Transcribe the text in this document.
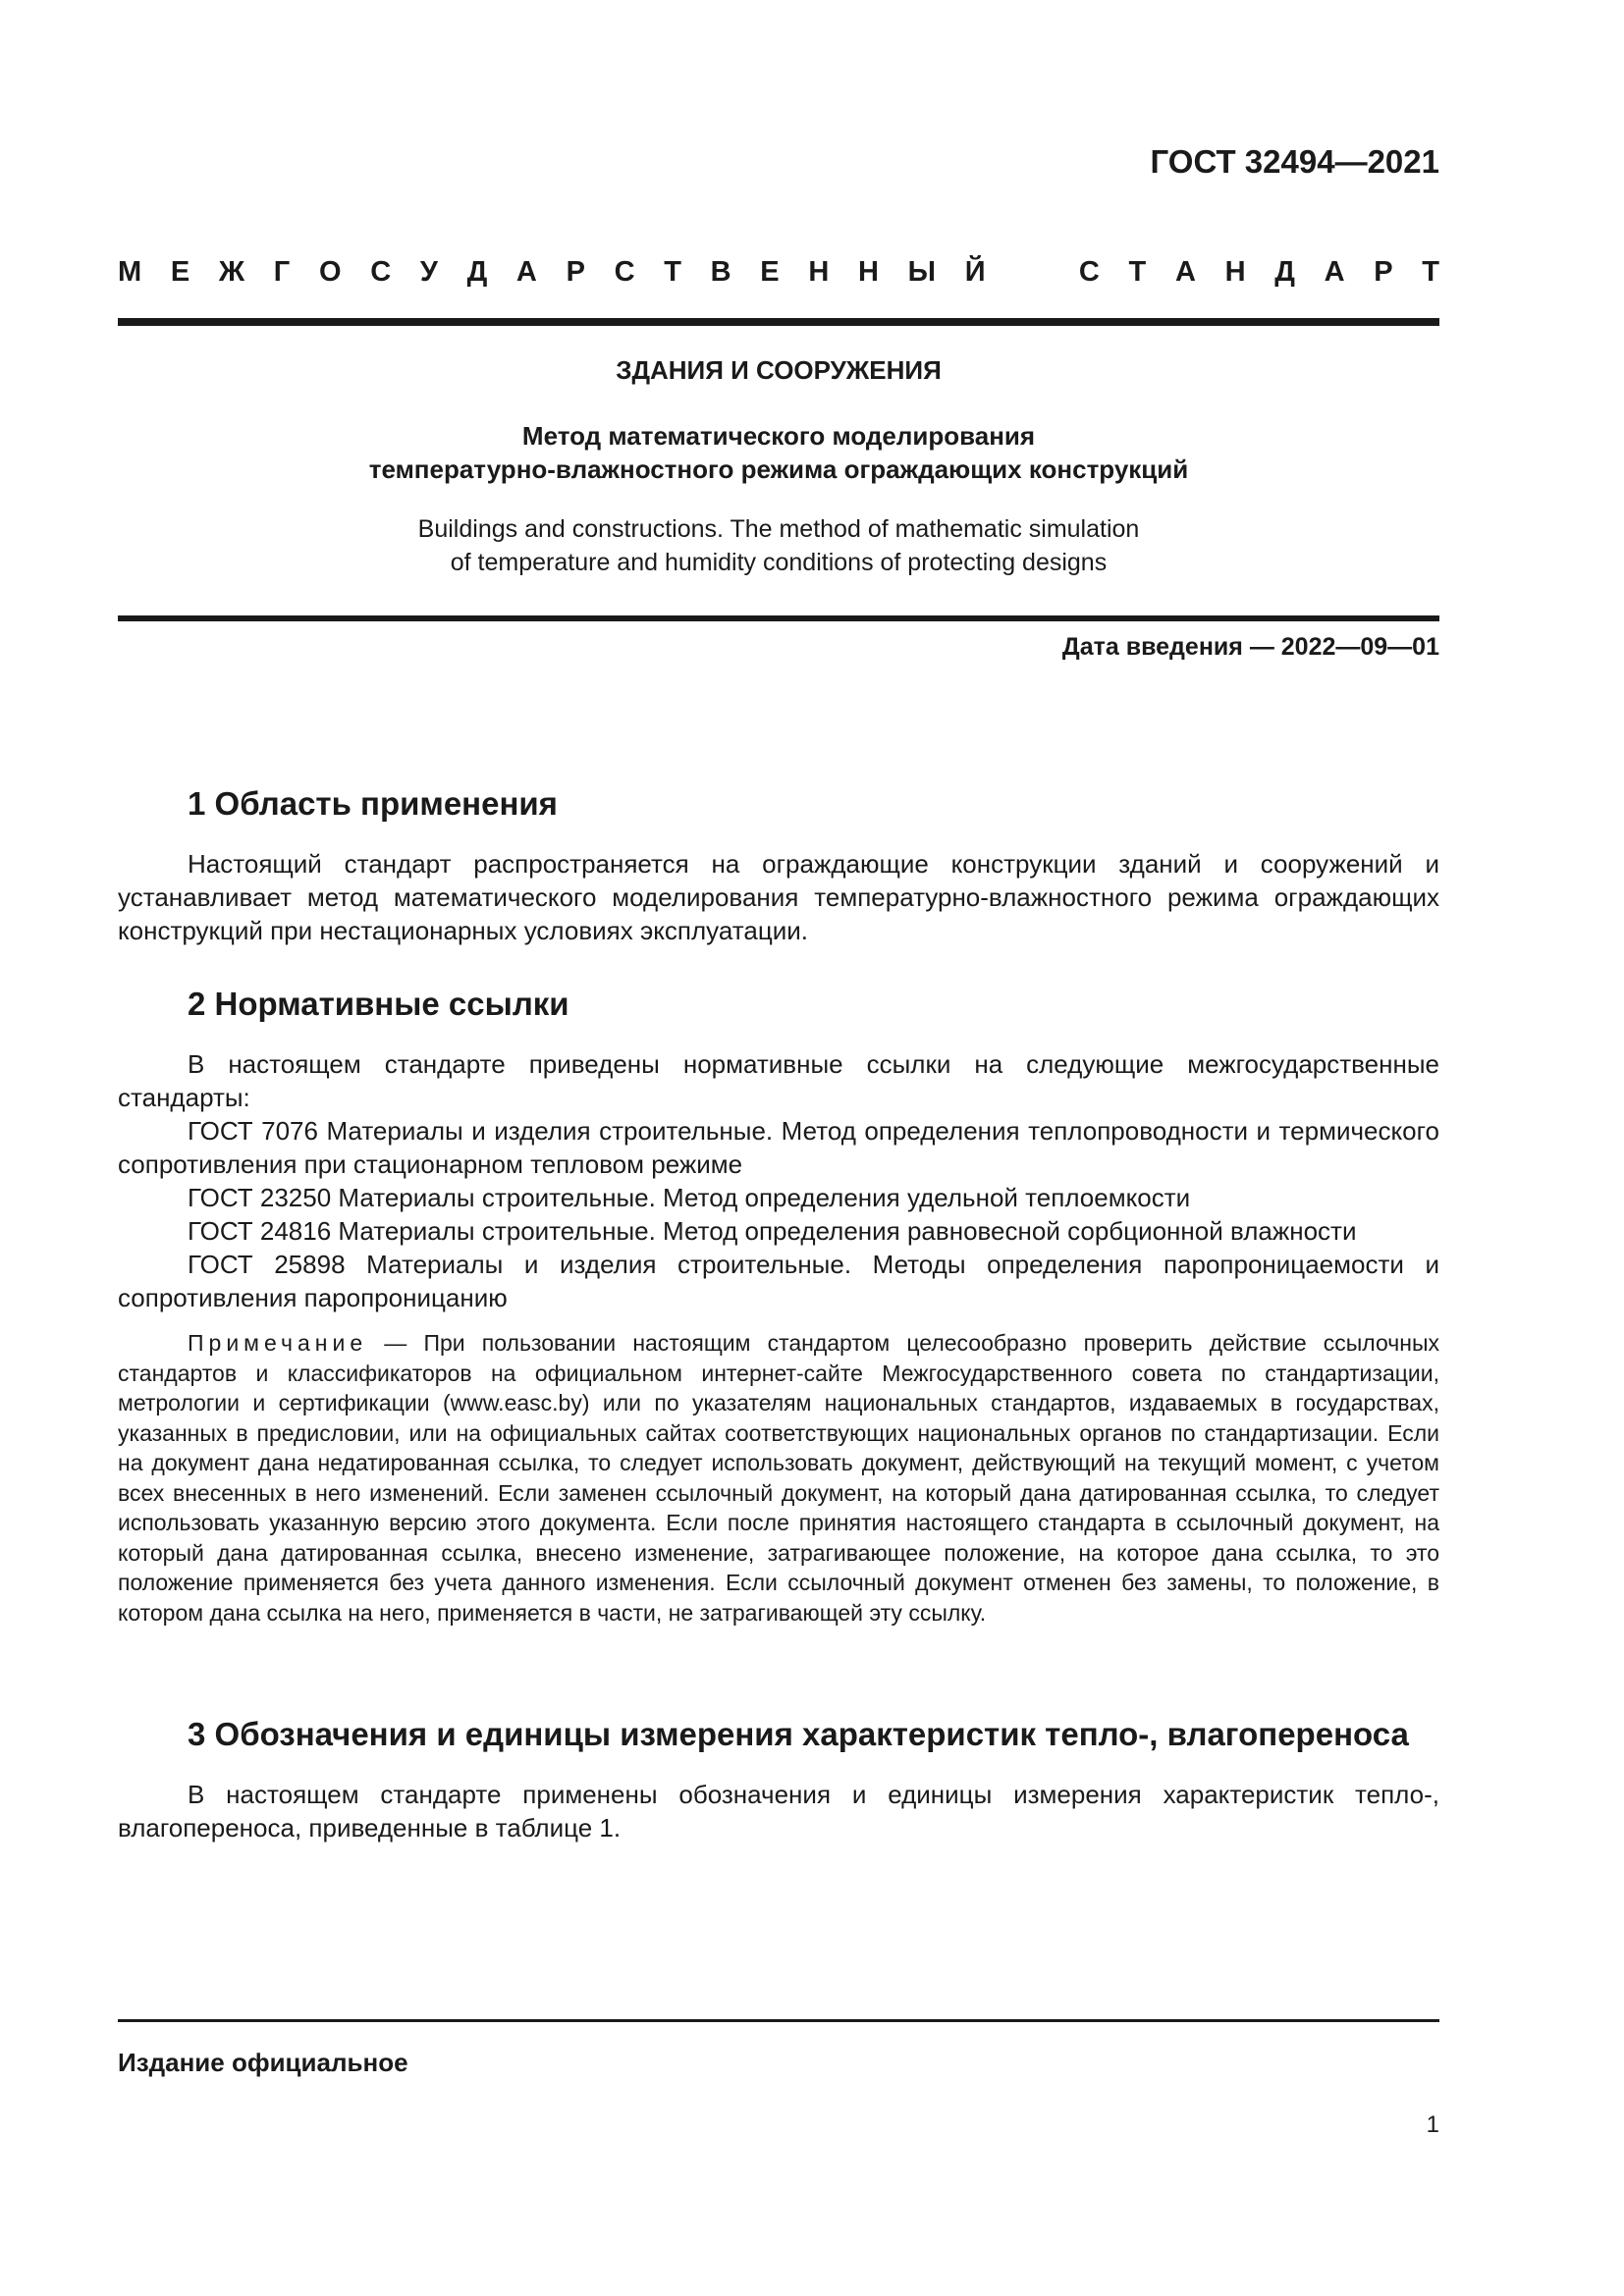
ГОСТ 32494—2021
М Е Ж Г О С У Д А Р С Т В Е Н Н Ы Й	С Т А Н Д А Р Т
ЗДАНИЯ И СООРУЖЕНИЯ
Метод математического моделирования
температурно-влажностного режима ограждающих конструкций
Buildings and constructions. The method of mathematic simulation
of temperature and humidity conditions of protecting designs
Дата введения — 2022—09—01
1 Область применения

Настоящий стандарт распространяется на ограждающие конструкции зданий и сооружений и устанавливает метод математического моделирования температурно-влажностного режима ограждающих конструкций при нестационарных условиях эксплуатации.

2 Нормативные ссылки

В настоящем стандарте приведены нормативные ссылки на следующие межгосударственные стандарты:

ГОСТ 7076 Материалы и изделия строительные. Метод определения теплопроводности и термического сопротивления при стационарном тепловом режиме

ГОСТ 23250 Материалы строительные. Метод определения удельной теплоемкости

ГОСТ 24816 Материалы строительные. Метод определения равновесной сорбционной влажности

ГОСТ 25898 Материалы и изделия строительные. Методы определения паропроницаемости и сопротивления паропроницанию

Примечание — При пользовании настоящим стандартом целесообразно проверить действие ссылочных стандартов и классификаторов на официальном интернет-сайте Межгосударственного совета по стандартизации, метрологии и сертификации (www.easc.by) или по указателям национальных стандартов, издаваемых в государствах, указанных в предисловии, или на официальных сайтах соответствующих национальных органов по стандартизации. Если на документ дана недатированная ссылка, то следует использовать документ, действующий на текущий момент, с учетом всех внесенных в него изменений. Если заменен ссылочный документ, на который дана датированная ссылка, то следует использовать указанную версию этого документа. Если после принятия настоящего стандарта в ссылочный документ, на который дана датированная ссылка, внесено изменение, затрагивающее положение, на которое дана ссылка, то это положение применяется без учета данного изменения. Если ссылочный документ отменен без замены, то положение, в котором дана ссылка на него, применяется в части, не затрагивающей эту ссылку.

3 Обозначения и единицы измерения характеристик тепло-, влагопереноса

В настоящем стандарте применены обозначения и единицы измерения характеристик тепло-, влагопереноса, приведенные в таблице 1.

Издание официальное
1
